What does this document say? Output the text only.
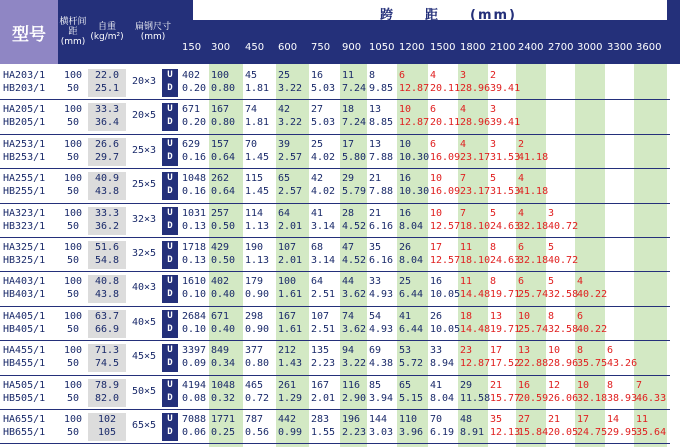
型号
横杆间距
(mm)
自重
(kg/m²)
扁钢尺寸
(mm)
跨　　距　　(mm)
150 300 450 600 750 900 1050 1200 1500 1800 2100 2400 2700 3000 3300 3600
HA203/1
HB203/1
100
50
22.0
25.1
20×3
U
D
402
0.20
100
0.80
45
1.81
25
3.22
16
5.03
11
7.24
8
9.85
6
12.87
4
20.11
3
28.96
2
39.41
HA205/1
HB205/1
100
50
33.3
36.4
20×5
U
D
671
0.20
167
0.80
74
1.81
42
3.22
27
5.03
18
7.24
13
8.85
10
12.87
6
20.11
4
28.96
3
39.41
HA253/1
HB253/1
100
50
26.6
29.7
25×3
U
D
629
0.16
157
0.64
70
1.45
39
2.57
25
4.02
17
5.80
13
7.88
10
10.30
6
16.09
4
23.17
3
31.53
2
41.18
HA255/1
HB255/1
100
50
40.9
43.8
25×5
U
D
1048
0.16
262
0.64
115
1.45
65
2.57
42
4.02
29
5.79
21
7.88
16
10.30
10
16.09
7
23.17
5
31.53
4
41.18
HA323/1
HB323/1
100
50
33.3
36.2
32×3
U
D
1031
0.13
257
0.50
114
1.13
64
2.01
41
3.14
28
4.52
21
6.16
16
8.04
10
12.57
7
18.10
5
24.63
4
32.18
3
40.72
HA325/1
HB325/1
100
50
51.6
54.8
32×5
U
D
1718
0.13
429
0.50
190
1.13
107
2.01
68
3.14
47
4.52
35
6.16
26
8.04
17
12.57
11
18.10
8
24.63
6
32.18
5
40.72
HA403/1
HB403/1
100
50
40.8
43.8
40×3
U
D
1610
0.10
402
0.40
179
0.90
100
1.61
64
2.51
44
3.62
33
4.93
25
6.44
16
10.05
11
14.48
8
19.71
6
25.74
5
32.58
4
40.22
HA405/1
HB405/1
100
50
63.7
66.9
40×5
U
D
2684
0.10
671
0.40
298
0.90
167
1.61
107
2.51
74
3.62
54
4.93
41
6.44
26
10.05
18
14.48
13
19.71
10
25.74
8
32.58
6
40.22
HA455/1
HB455/1
100
50
71.3
74.5
45×5
U
D
3397
0.09
849
0.34
377
0.80
212
1.43
135
2.23
94
3.22
69
4.38
53
5.72
33
8.94
23
12.87
17
17.52
13
22.88
10
28.96
8
35.75
6
43.26
HA505/1
HB505/1
100
50
78.9
82.0
50×5
U
D
4194
0.08
1048
0.32
465
0.72
261
1.29
167
2.01
116
2.90
85
3.94
65
5.15
41
8.04
29
11.58
21
15.77
16
20.59
12
26.06
10
32.18
8
38.93
7
46.33
HA655/1
HB655/1
100
50
102
105
65×5
U
D
7088
0.06
1771
0.25
787
0.56
442
0.99
283
1.55
196
2.23
144
3.03
110
3.96
70
6.19
48
8.91
35
12.13
27
15.84
21
20.05
17
24.75
14
29.95
11
35.64
